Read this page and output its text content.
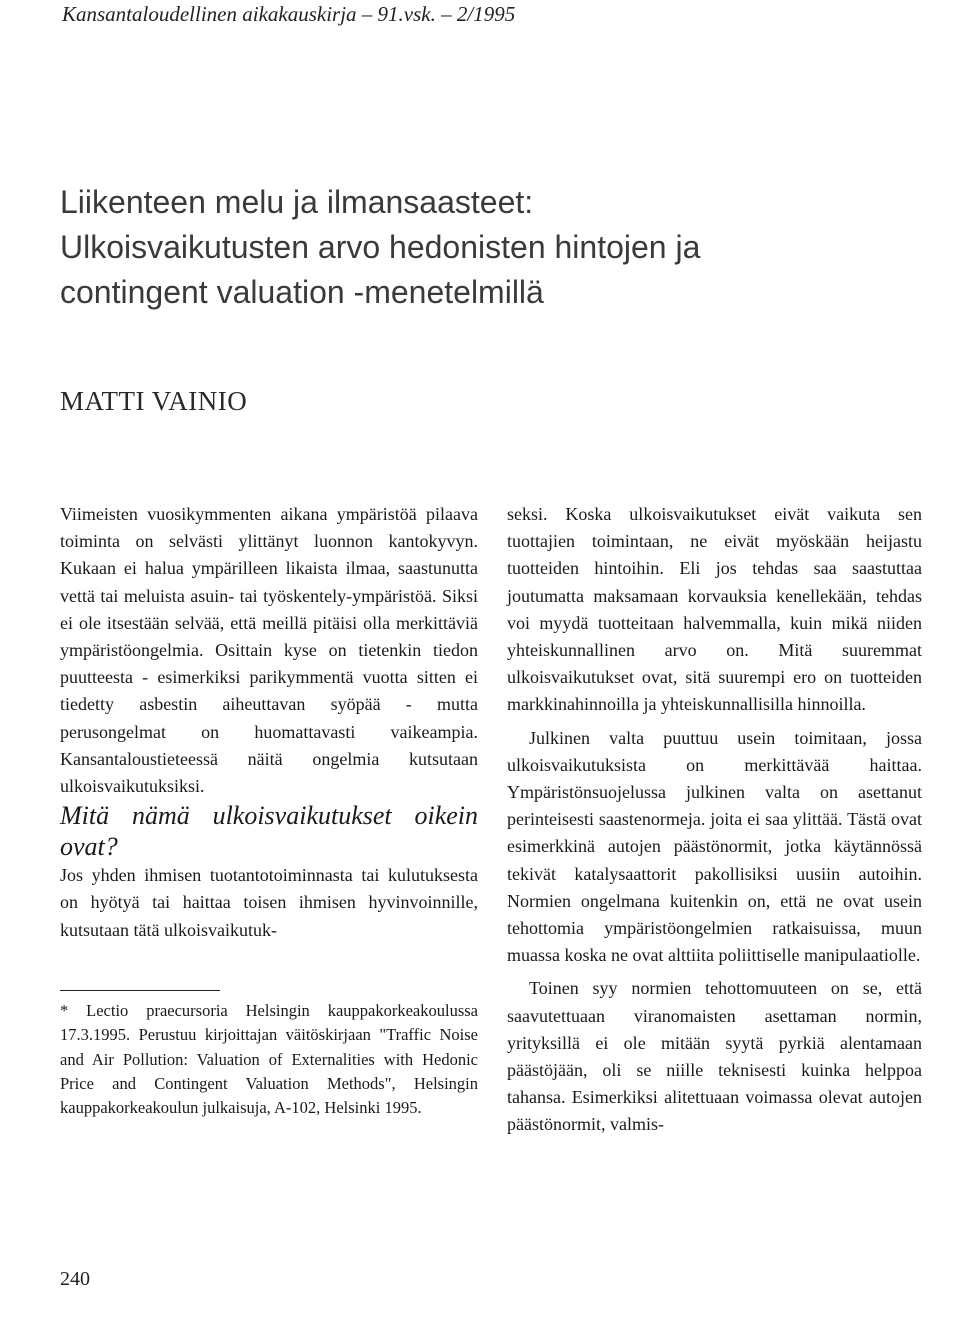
Kansantaloudellinen aikakauskirja – 91.vsk. – 2/1995
Liikenteen melu ja ilmansaasteet:
Ulkoisvaikutusten arvo hedonisten hintojen ja
contingent valuation -menetelmillä
MATTI VAINIO

Viimeisten vuosikymmenten aikana ympäristöä pilaava toiminta on selvästi ylittänyt luonnon kantokyvyn. Kukaan ei halua ympärilleen likaista ilmaa, saastunutta vettä tai meluista asuin- tai työskentely-ympäristöä. Siksi ei ole itsestään selvää, että meillä pitäisi olla merkittäviä ympäristöongelmia. Osittain kyse on tietenkin tiedon puutteesta - esimerkiksi parikymmentä vuotta sitten ei tiedetty asbestin aiheuttavan syöpää - mutta perusongelmat on huomattavasti vaikeampia. Kansantaloustieteessä näitä ongelmia kutsutaan ulkoisvaikutuksiksi.

Mitä nämä ulkoisvaikutukset oikein ovat?

Jos yhden ihmisen tuotantotoiminnasta tai kulutuksesta on hyötyä tai haittaa toisen ihmisen hyvinvoinnille, kutsutaan tätä ulkoisvaikutuk-

* Lectio praecursoria Helsingin kauppakorkeakoulussa 17.3.1995. Perustuu kirjoittajan väitöskirjaan "Traffic Noise and Air Pollution: Valuation of Externalities with Hedonic Price and Contingent Valuation Methods", Helsingin kauppakorkeakoulun julkaisuja, A-102, Helsinki 1995.

seksi. Koska ulkoisvaikutukset eivät vaikuta sen tuottajien toimintaan, ne eivät myöskään heijastu tuotteiden hintoihin. Eli jos tehdas saa saastuttaa joutumatta maksamaan korvauksia kenellekään, tehdas voi myydä tuotteitaan halvemmalla, kuin mikä niiden yhteiskunnallinen arvo on. Mitä suuremmat ulkoisvaikutukset ovat, sitä suurempi ero on tuotteiden markkinahinnoilla ja yhteiskunnallisilla hinnoilla.

Julkinen valta puuttuu usein toimitaan, jossa ulkoisvaikutuksista on merkittävää haittaa. Ympäristönsuojelussa julkinen valta on asettanut perinteisesti saastenormeja. joita ei saa ylittää. Tästä ovat esimerkkinä autojen päästönormit, jotka käytännössä tekivät katalysaattorit pakollisiksi uusiin autoihin. Normien ongelmana kuitenkin on, että ne ovat usein tehottomia ympäristöongelmien ratkaisuissa, muun muassa koska ne ovat alttiita poliittiselle manipulaatiolle.

Toinen syy normien tehottomuuteen on se, että saavutettuaan viranomaisten asettaman normin, yrityksillä ei ole mitään syytä pyrkiä alentamaan päästöjään, oli se niille teknisesti kuinka helppoa tahansa. Esimerkiksi alitettuaan voimassa olevat autojen päästönormit, valmis-

240
